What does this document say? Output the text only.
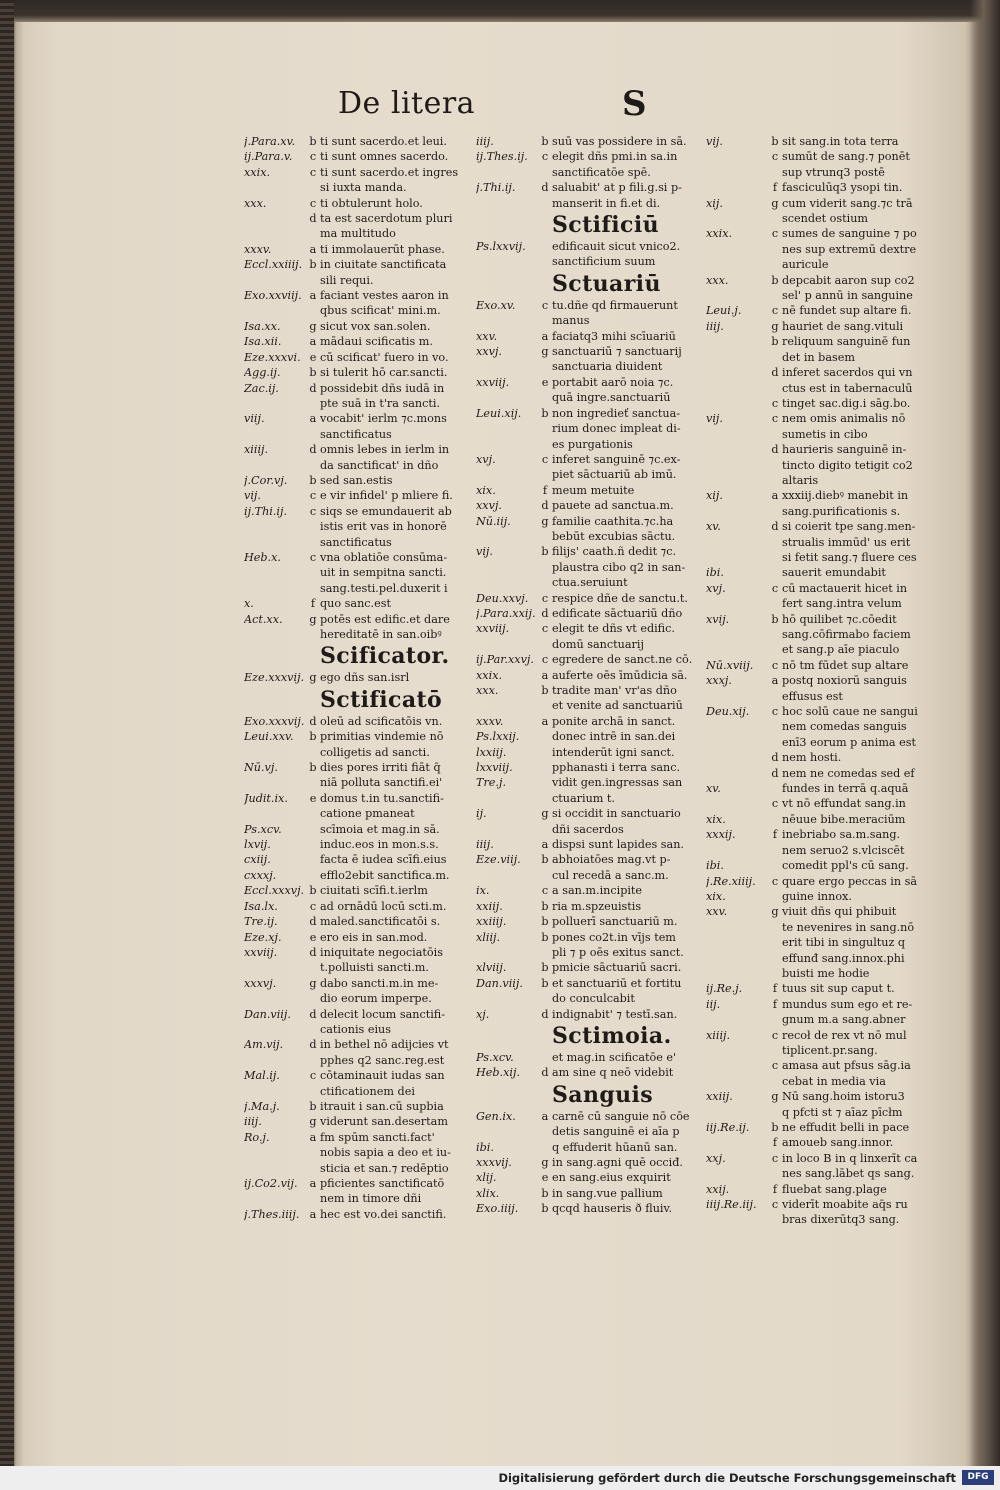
De litera	S
j.Para.xv.	b ti sunt sacerdo.et leui.
ij.Para.v.	c ti sunt omnes sacerdo.
xxix.	c ti sunt sacerdo.et ingres
si iuxta manda.
xxx.	c ti obtulerunt holo.
d ta est sacerdotum pluri
ma multitudo
xxxv.	a ti immolauerūt phase.
Eccl.xxiiij. b in ciuitate sanctificata
sili requi.
Exo.xxviij. a faciant vestes aaron in
qbus scificat' mini.m.
Isa.xx.	g sicut vox san.solen.
Isa.xii.	a mādaui scificatis m.
Eze.xxxvi. e cū scificat' fuero in vo.
Agg.ij.	b si tulerit hō car.sancti.
Zac.ij.	d possidebit dñs iudā in
pte suā in t'ra sancti.
viij.	a vocabit' ierlm ⁊c.mons
sanctificatus
xiiij.	d omnis lebes in ierlm in
da sanctificat' in dño
j.Cor.vj.	b sed san.estis
vij.	c e vir infidel' p mliere fi.
ij.Thi.ij.	c siqs se emundauerit ab
istis erit vas in honorē
sanctificatus
Heb.x.	c vna oblatiōe consūma-
uit in sempitna sancti.
sang.testi.pel.duxerit i
x.	f quo sanc.est
Act.xx.	g potēs est edific.et dare
hereditatē in san.oibꝰ
Scificator.
Eze.xxxvij. g ego dñs san.isrl
Sctificatō
Exo.xxxvij. d oleū ad scificatōis vn.
Leui.xxv.	b primitias vindemie nō
colligetis ad sancti.
Nū.vj.	b dies pores irriti fiāt q̄
niā polluta sanctifi.ei'
Judit.ix.	e domus t.in tu.sanctifi-
catione pmaneat
Ps.xcv.	scīmoia et mag.in sā.
lxvij.	induc.eos in mon.s.s.
cxiij.	facta ē iudea scīfi.eius
cxxxj.	efflo2ebit sanctifica.m.
Eccl.xxxvj. b ciuitati scīfi.t.ierlm
Isa.lx.	c ad ornādū locū scti.m.
Tre.ij.	d maled.sanctificatōi s.
Eze.xj.	e ero eis in san.mod.
xxviij.	d iniquitate negociatōis
t.polluisti sancti.m.
xxxvj.	g dabo sancti.m.in me-
dio eorum imperpe.
Dan.viij.	d delecit locum sanctifi-
cationis eius
Am.vij.	d in bethel nō adijcies vt
pphes q2 sanc.reg.est
Mal.ij.	c cōtaminauit iudas san
ctificationem dei
j.Ma.j.	b itrauit i san.cū supbia
iiij.	g viderunt san.desertam
Ro.j.	a fm spūm sancti.fact'
nobis sapia a deo et iu-
sticia et san.⁊ redēptio
ij.Co2.vij.	a pficientes sanctificatō
nem in timore dñi
j.Thes.iiij. a hec est vo.dei sanctifi.
iiij.	b suū vas possidere in sā.
ij.Thes.ij.	c elegit dñs pmi.in sa.in
sanctificatōe spē.
j.Thi.ij.	d saluabit' at p fili.g.si p-
manserit in fi.et di.
Sctificiū
Ps.lxxvij.	edificauit sicut vnico2.
sanctificium suum
Sctuariū
Exo.xv.	c tu.dñe qd firmauerunt
manus
xxv.	a faciatq3 mihi scīuariū
xxvj.	g sanctuariū ⁊ sanctuarij
sanctuaria diuident
xxviij.	e portabit aarō noia ⁊c.
quā ingre.sanctuariū
Leui.xij.	b non ingredieť sanctua-
rium donec impleat di-
es purgationis
xvj.	c inferet sanguinē ⁊c.ex-
piet sāctuariū ab imū.
xix.	f meum metuite
xxvj.	d pauete ad sanctua.m.
Nū.iij.	g familie caathita.⁊c.ha
bebūt excubias sāctu.
vij.	b filijs' caath.ñ dedit ⁊c.
plaustra cibo q2 in san-
ctua.seruiunt
Deu.xxvj.	c respice dñe de sanctu.t.
j.Para.xxij. d edificate sāctuariū dño
xxviij.	c elegit te dñs vt edific.
domū sanctuarij
ij.Par.xxvj. c egredere de sanct.ne cō.
xxix.	a auferte oēs īmūdicia sā.
xxx.	b tradite man' vr'as dño
et venite ad sanctuariū
xxxv.	a ponite archā in sanct.
Ps.lxxij.	donec intrē in san.dei
lxxiij.	intenderūt igni sanct.
lxxviij.	pphanasti i terra sanc.
Tre.j.	vidit gen.ingressas san
ctuarium t.
ij.	g si occidit in sanctuario
dñi sacerdos
iiij.	a dispsi sunt lapides san.
Eze.viij.	b abhoiatōes mag.vt p-
cul recedā a sanc.m.
ix.	c a san.m.incipite
xxiij.	b ria m.spzeuistis
xxiiij.	b polluerī sanctuariū m.
xliij.	b pones co2t.in vījs tem
pli ⁊ p oēs exitus sanct.
xlviij.	b pmicie sāctuariū sacri.
Dan.viij.	b et sanctuariū et fortitu
do conculcabit
xj.	d indignabit' ⁊ testī.san.
Sctimoia.
Ps.xcv.	et mag.in scificatōe e'
Heb.xij.	d am sine q neō videbit
Sanguis
Gen.ix.	a carnē cū sanguie nō cōe
detis sanguinē ei aīa p
ibi.	q effuderit hūanū san.
xxxvij.	g in sang.agni quē occiđ.
xlij.	e en sang.eius exquirit
xlix.	b in sang.vue pallium
Exo.iiij.	b qcqd hauseris ð fluiv.
vij.	b sit sang.in tota terra
c sumūt de sang.⁊ ponēt
sup vtrunq3 postē
f fasciculūq3 ysopi tin.
xij.	g cum viderit sang.⁊c trā
scendet ostium
xxix.	c sumes de sanguine ⁊ po
nes sup extremū dextre
auricule
xxx.	b depcabit aaron sup co2
sel' p annū in sanguine
Leui.j.	c nē fundet sup altare fi.
iiij.	g hauriet de sang.vituli
b reliquum sanguinē fun
det in basem
d inferet sacerdos qui vn
ctus est in tabernaculū
c tinget sac.dig.i sāg.bo.
vij.	c nem omis animalis nō
sumetis in cibo
d haurieris sanguinē in-
tincto digito tetigit co2
altaris
xij.	a xxxiij.diebꝰ manebit in
sang.purificationis s.
xv.	d si coierit tpe sang.men-
strualis immūd' us erit
si fetit sang.⁊ fluere ces
ibi.	sauerit emundabit
xvj.	c cū mactauerit hicet in
fert sang.intra velum
xvij.	b hō quilibet ⁊c.cōedit
sang.cōfirmabo faciem
et sang.p aīe piaculo
Nū.xviij.	c nō tm fūdet sup altare
xxxj.	a postq noxiorū sanguis
effusus est
Deu.xij.	c hoc solū caue ne sangui
nem comedas sanguis
enī3 eorum p anima est
d nem hosti.
d nem ne comedas sed ef
xv.	fundes in terrā q.aquā
c vt nō effundat sang.in
xix.	nēuue bibe.meraciūm
xxxij.	f inebriabo sa.m.sang.
nem seruo2 s.vlciscēt
ibi.	comedit ppl's cū sang.
j.Re.xiiij.	c quare ergo peccas in sā
xix.	guine innox.
xxv.	g viuit dñs qui phibuit
te nevenires in sang.nō
erit tibi in singultuz q
effunđ sang.innox.phi
buisti me hodie
ij.Re.j.	f tuus sit sup caput t.
iij.	f mundus sum ego et re-
gnum m.a sang.abner
xiiij.	c recoł de rex vt nō mul
tiplicent.pr.sang.
c amasa aut pfsus sāg.ia
cebat in media via
xxiij.	g Nū sang.hoim istoru3
q pfcti st ⁊ aīaz pīcłm
iij.Re.ij.	b ne effudit belli in pace
f amoueb sang.innor.
xxj.	c in loco B in q linxerīt ca
nes sang.lābet qs sang.
xxij.	f fluebat sang.plage
iiij.Re.iij.	c viderīt moabite aq̄s ru
bras dixerūtq3 sang.
Digitalisierung gefördert durch die Deutsche Forschungsgemeinschaft	DFG
